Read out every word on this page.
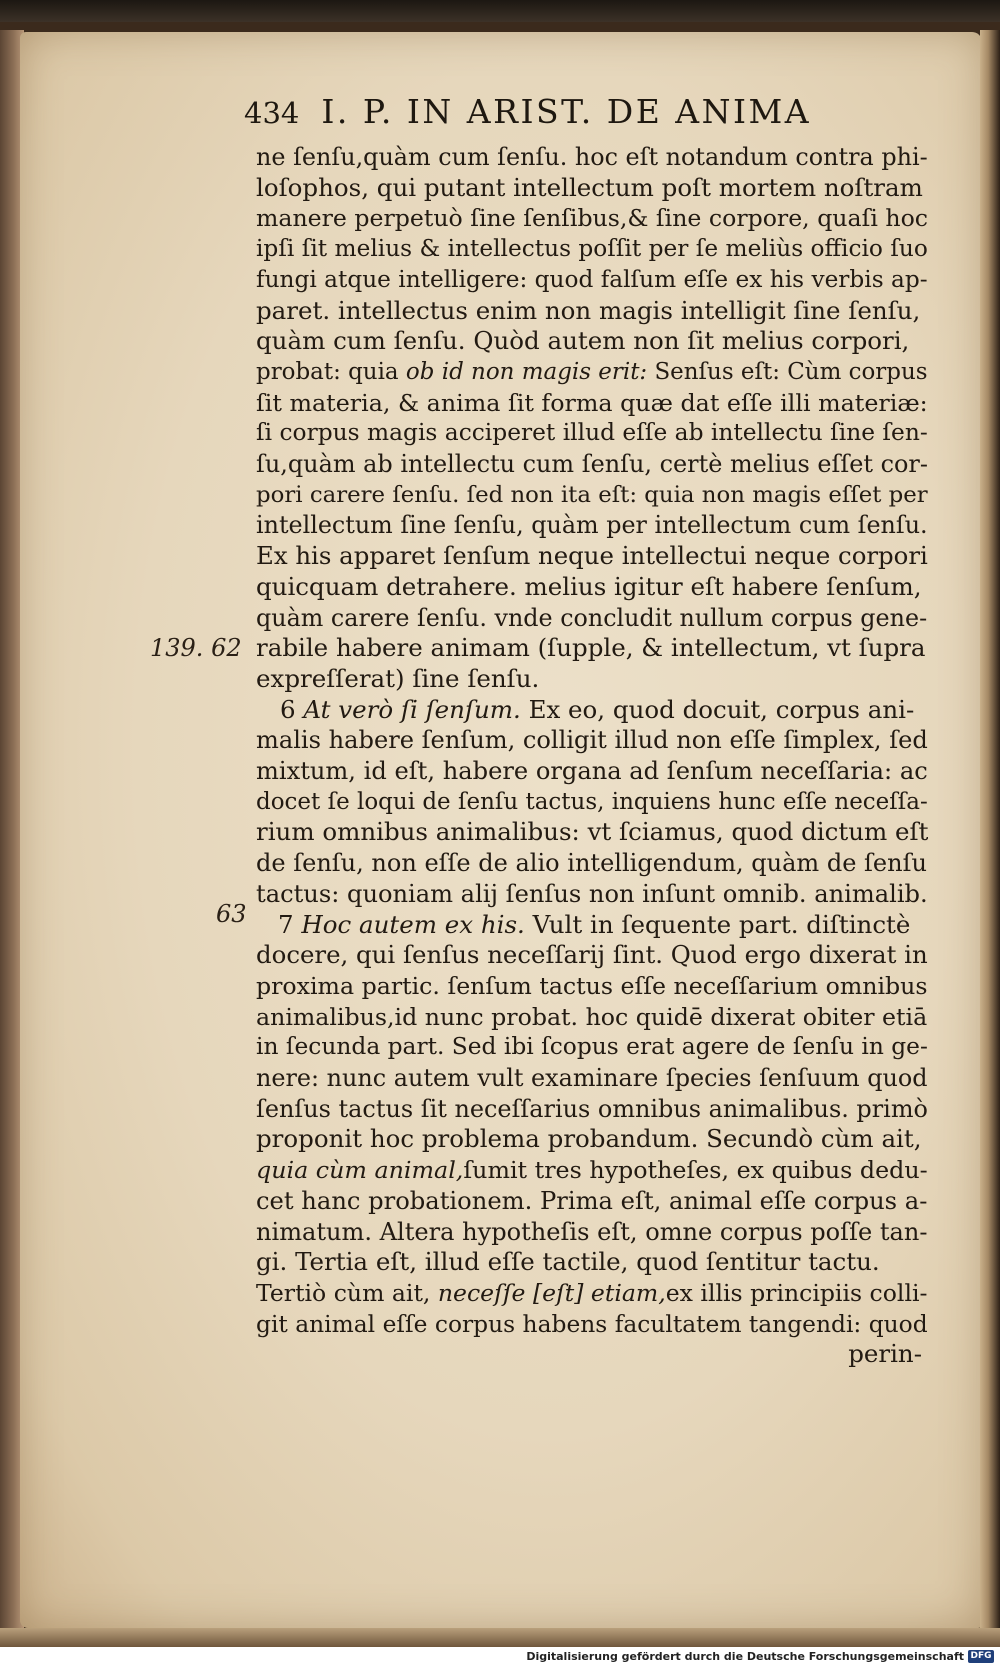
434 I. P. IN ARIST. DE ANIMA
139. 62
63
ne ſenſu,quàm cum ſenſu. hoc eſt notandum contra phi-
loſophos, qui putant intellectum poſt mortem noſtram
manere perpetuò ſine ſenſibus,& ſine corpore, quaſi hoc
ipſi ſit melius & intellectus poſſit per ſe meliùs officio ſuo
fungi atque intelligere: quod falſum eſſe ex his verbis ap-
paret. intellectus enim non magis intelligit ſine ſenſu,
quàm cum ſenſu. Quòd autem non ſit melius corpori,
probat: quia ob id non magis erit: Senſus eſt: Cùm corpus
ſit materia, & anima ſit forma quæ dat eſſe illi materiæ:
ſi corpus magis acciperet illud eſſe ab intellectu ſine ſen-
ſu,quàm ab intellectu cum ſenſu, certè melius eſſet cor-
pori carere ſenſu. ſed non ita eſt: quia non magis eſſet per
intellectum ſine ſenſu, quàm per intellectum cum ſenſu.
Ex his apparet ſenſum neque intellectui neque corpori
quicquam detrahere. melius igitur eſt habere ſenſum,
quàm carere ſenſu. vnde concludit nullum corpus gene-
rabile habere animam (ſupple, & intellectum, vt ſupra
expreſſerat) ſine ſenſu.
6 At verò ſi ſenſum. Ex eo, quod docuit, corpus ani-
malis habere ſenſum, colligit illud non eſſe ſimplex, ſed
mixtum, id eſt, habere organa ad ſenſum neceſſaria: ac
docet ſe loqui de ſenſu tactus, inquiens hunc eſſe neceſſa-
rium omnibus animalibus: vt ſciamus, quod dictum eſt
de ſenſu, non eſſe de alio intelligendum, quàm de ſenſu
tactus: quoniam alij ſenſus non inſunt omnib. animalib.
7 Hoc autem ex his. Vult in ſequente part. diſtinctè
docere, qui ſenſus neceſſarij ſint. Quod ergo dixerat in
proxima partic. ſenſum tactus eſſe neceſſarium omnibus
animalibus,id nunc probat. hoc quidē dixerat obiter etiā
in ſecunda part. Sed ibi ſcopus erat agere de ſenſu in ge-
nere: nunc autem vult examinare ſpecies ſenſuum quod
ſenſus tactus ſit neceſſarius omnibus animalibus. primò
proponit hoc problema probandum. Secundò cùm ait,
quia cùm animal,ſumit tres hypotheſes, ex quibus dedu-
cet hanc probationem. Prima eſt, animal eſſe corpus a-
nimatum. Altera hypotheſis eſt, omne corpus poſſe tan-
gi. Tertia eſt, illud eſſe tactile, quod ſentitur tactu.
Tertiò cùm ait, neceſſe [eſt] etiam,ex illis principiis colli-
git animal eſſe corpus habens facultatem tangendi: quod
perin-
Digitalisierung gefördert durch die Deutsche Forschungsgemeinschaft DFG
